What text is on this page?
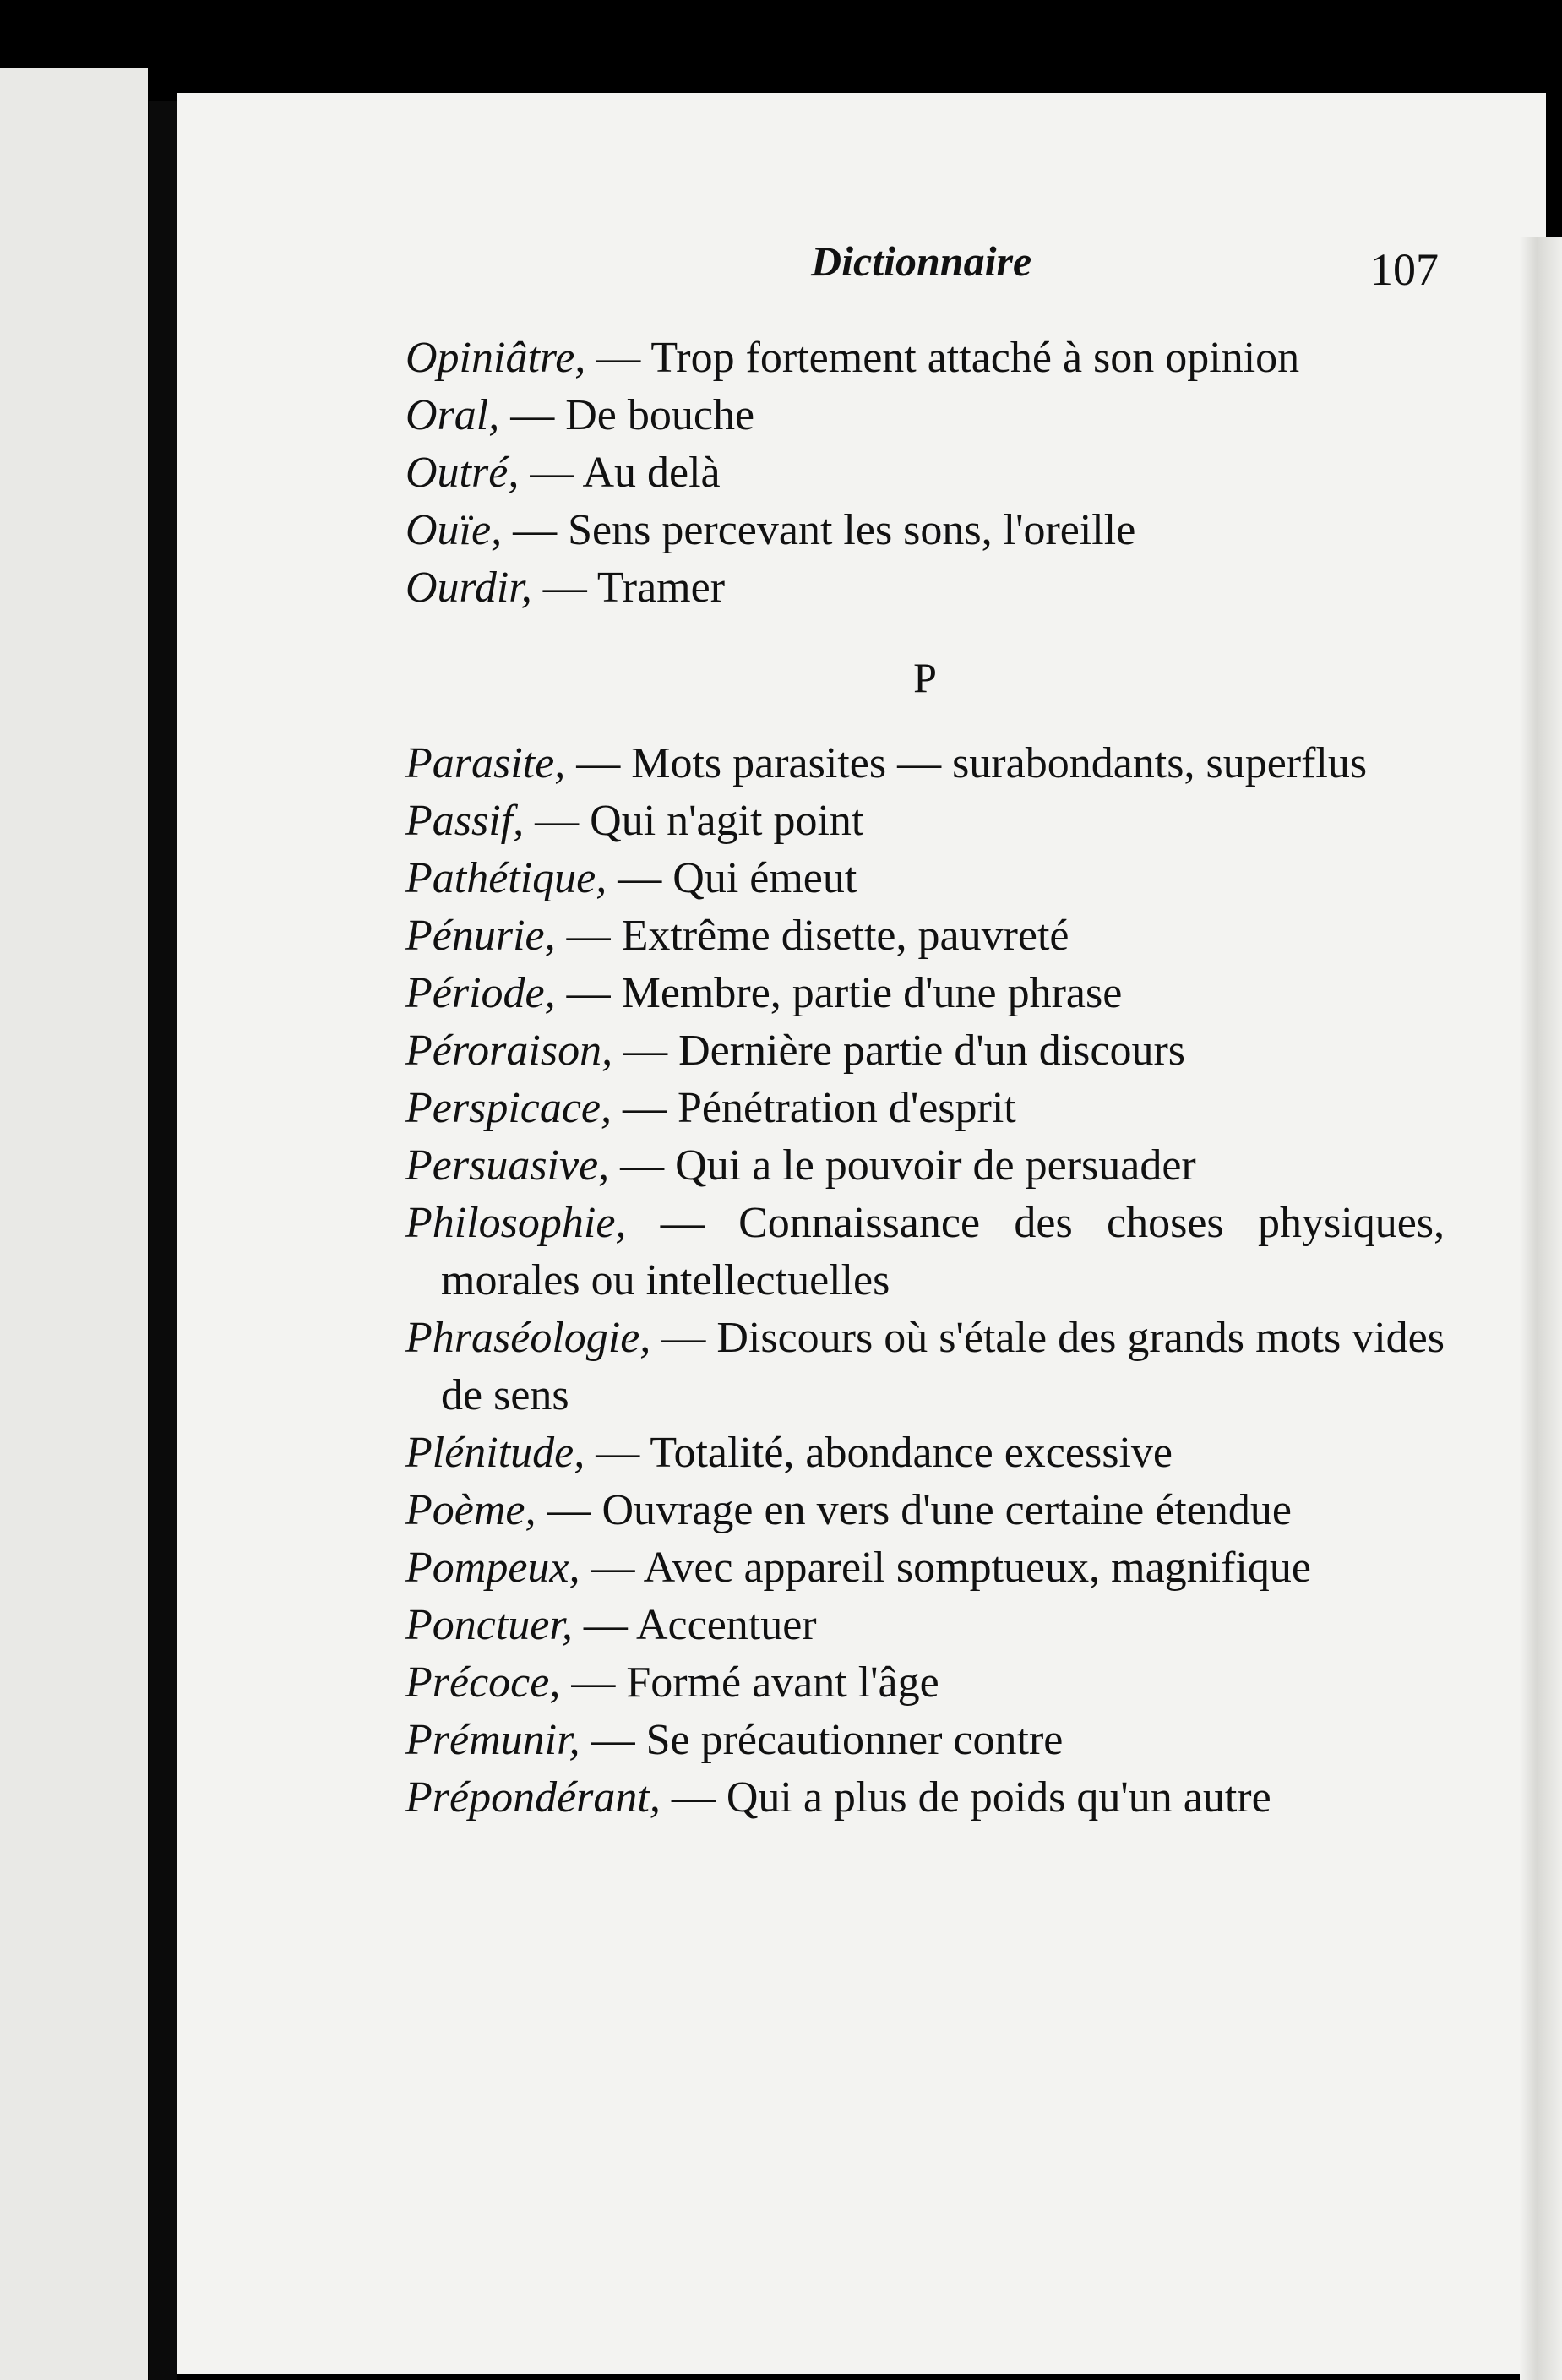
Dictionnaire	107

Opiniâtre, — Trop fortement attaché à son opinion

Oral, — De bouche

Outré, — Au delà

Ouïe, — Sens percevant les sons, l'oreille

Ourdir, — Tramer

P

Parasite, — Mots parasites — surabondants, superflus

Passif, — Qui n'agit point

Pathétique, — Qui émeut

Pénurie, — Extrême disette, pauvreté

Période, — Membre, partie d'une phrase

Péroraison, — Dernière partie d'un discours

Perspicace, — Pénétration d'esprit

Persuasive, — Qui a le pouvoir de persuader

Philosophie, — Connaissance des choses physiques, morales ou intellectuelles

Phraséologie, — Discours où s'étale des grands mots vides de sens

Plénitude, — Totalité, abondance excessive

Poème, — Ouvrage en vers d'une certaine étendue

Pompeux, — Avec appareil somptueux, magnifique

Ponctuer, — Accentuer

Précoce, — Formé avant l'âge

Prémunir, — Se précautionner contre

Prépondérant, — Qui a plus de poids qu'un autre
